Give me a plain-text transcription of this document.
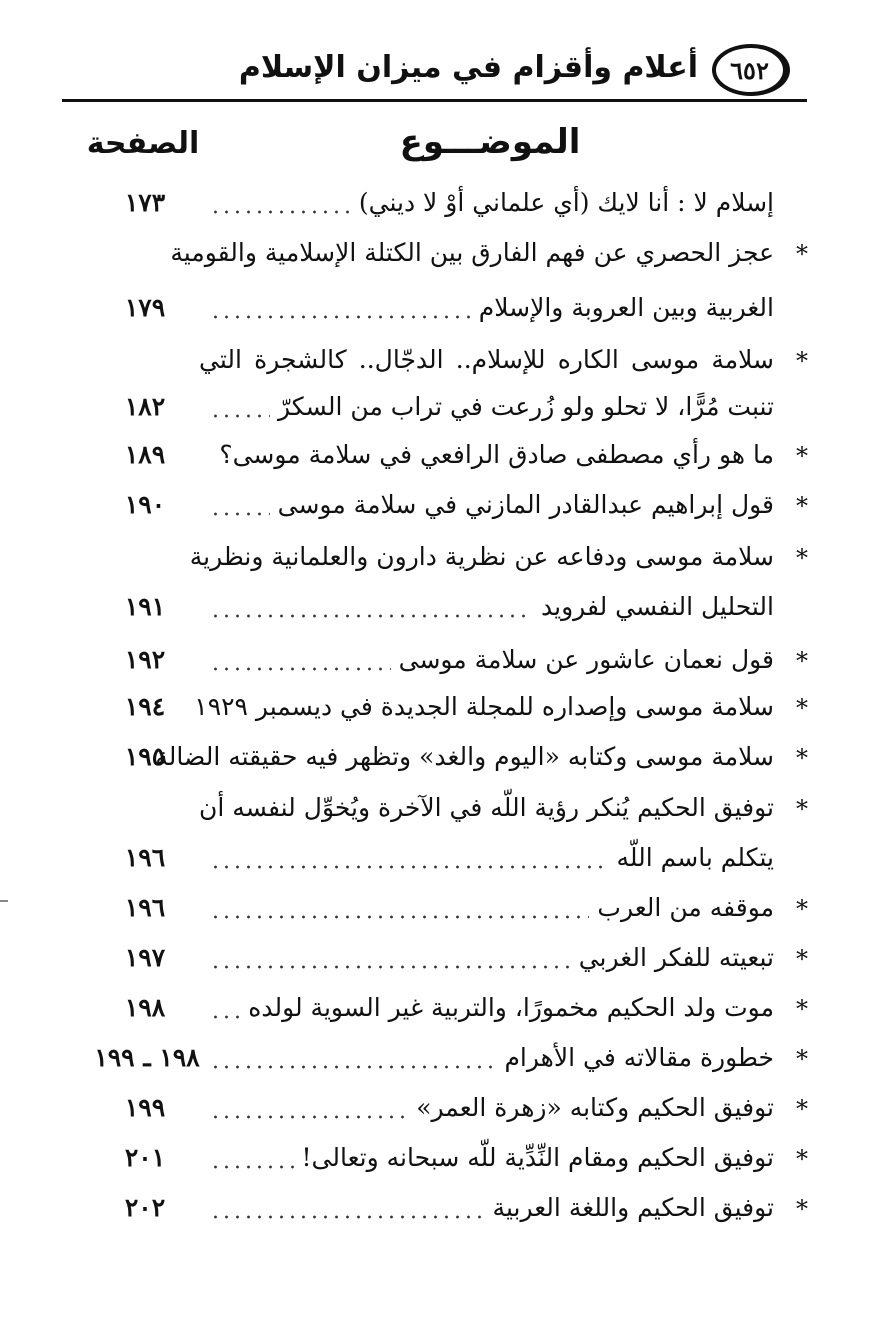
أعلام وأقزام في ميزان الإسلام	٦٥٢
الموضـــوع
الصفحة
إسلام لا : أنا لايك (أي علماني أوْ لا ديني)
١٧٣
*
عجز الحصري عن فهم الفارق بين الكتلة الإسلامية والقومية
الغربية وبين العروبة والإسلام
١٧٩
*
سلامة موسى الكاره للإسلام.. الدجّال.. كالشجرة التي
تنبت مُرًّا، لا تحلو ولو زُرعت في تراب من السكرّ
١٨٢
*
ما هو رأي مصطفى صادق الرافعي في سلامة موسى؟
١٨٩
*
قول إبراهيم عبدالقادر المازني في سلامة موسى
١٩٠
*
سلامة موسى ودفاعه عن نظرية دارون والعلمانية ونظرية
التحليل النفسي لفرويد
١٩١
*
قول نعمان عاشور عن سلامة موسى
١٩٢
*
سلامة موسى وإصداره للمجلة الجديدة في ديسمبر ١٩٢٩
١٩٤
*
سلامة موسى وكتابه «اليوم والغد» وتظهر فيه حقيقته الضالة
١٩٥
*
توفيق الحكيم يُنكر رؤية اللّه في الآخرة ويُخوِّل لنفسه أن
يتكلم باسم اللّه
١٩٦
*
موقفه من العرب
١٩٦
*
تبعيته للفكر الغربي
١٩٧
*
موت ولد الحكيم مخمورًا، والتربية غير السوية لولده
١٩٨
*
خطورة مقالاته في الأهرام
١٩٨ ـ ١٩٩
*
توفيق الحكيم وكتابه «زهرة العمر»
١٩٩
*
توفيق الحكيم ومقام النِّدِّية للّه سبحانه وتعالى!
٢٠١
*
توفيق الحكيم واللغة العربية
٢٠٢
